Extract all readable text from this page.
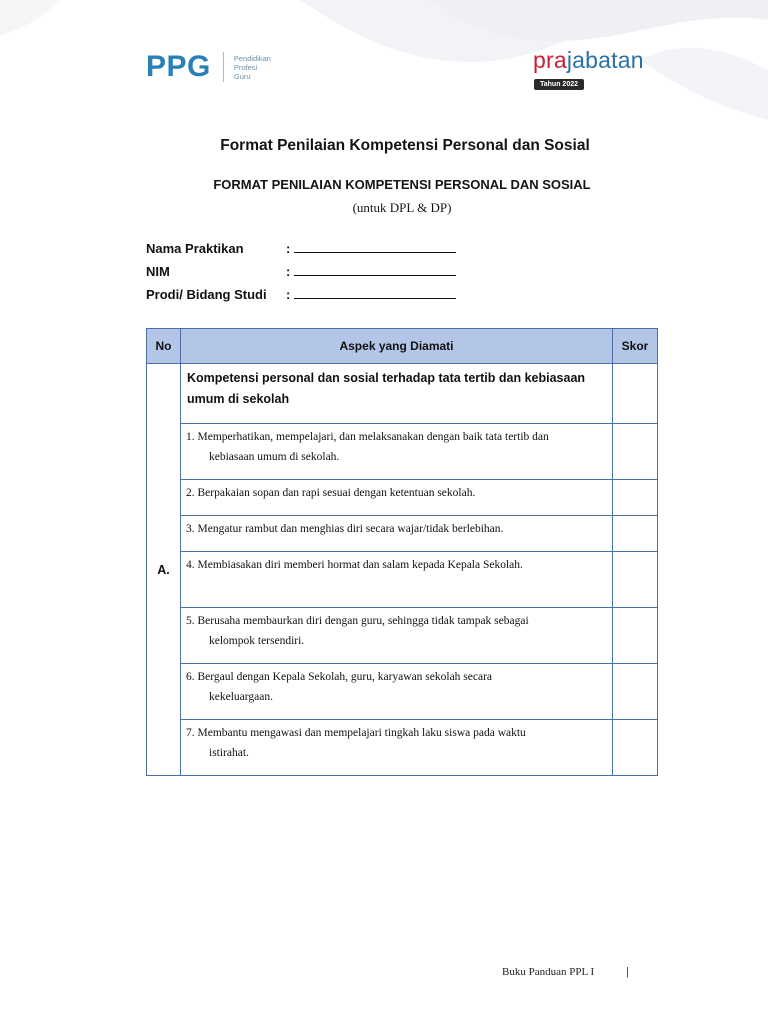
PPG	Pendidikan
Profesi
Guru
prajabatan
Tahun 2022
Format Penilaian Kompetensi Personal dan Sosial
FORMAT PENILAIAN KOMPETENSI PERSONAL DAN SOSIAL
(untuk DPL & DP)
Nama Praktikan	:
NIM	:
Prodi/ Bidang Studi	:
No	Aspek yang Diamati	Skor
A.	Kompetensi personal dan sosial terhadap tata tertib dan kebiasaan umum di sekolah	

	1. Memperhatikan, mempelajari, dan melaksanakan dengan baik tata tertib dan
kebiasaan umum di sekolah.	

	2. Berpakaian sopan dan rapi sesuai dengan ketentuan sekolah.	

	3. Mengatur rambut dan menghias diri secara wajar/tidak berlebihan.	

	4. Membiasakan diri memberi hormat dan salam kepada Kepala Sekolah.	

	5. Berusaha membaurkan diri dengan guru, sehingga tidak tampak sebagai
kelompok tersendiri.	

	6. Bergaul dengan Kepala Sekolah, guru, karyawan sekolah secara
kekeluargaan.	

	7. Membantu mengawasi dan mempelajari tingkah laku siswa pada waktu
istirahat.	

Buku Panduan PPL I	|
